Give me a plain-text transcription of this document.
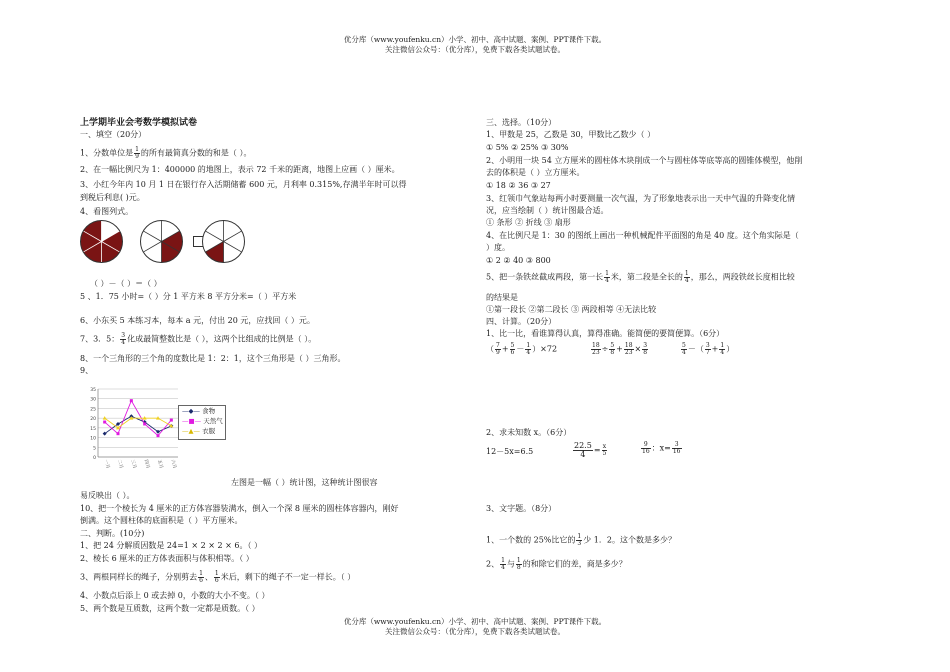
优分库（www.youfenku.cn）小学、初中、高中试题、案例、PPT课件下载。
关注微信公众号：（优分库），免费下载各类试题试卷。
上学期毕业会考数学模拟试卷
一、填空（20分）
1、分数单位是 $\frac{1}{9}$ 的所有最简真分数的和是（ ）。
2、在一幅比例尺为 1：400000 的地图上，表示 72 千米的距离，地图上应画（ ）厘米。
3、小红今年内 10 月 1 日在银行存入活期储蓄 600 元，月利率 0.315%,存满半年时可以得
到税后利息( )元。
4、看图列式。
（ ）－（ ）＝（ ）
5 、1．75 小时=（ ）分 1 平方米 8 平方分米=（ ）平方米
6、小东买 5 本练习本，每本 a 元，付出 20 元，应找回（ ）元。
7、3．5： $\frac{3}{4}$ 化成最简整数比是（ ），这两个比组成的比例是（ ）。
8、一个三角形的三个角的度数比是 1：2：1，这个三角形是（ ）三角形。
9、
0
5
10
15
20
25
30
35
一月	二月	三月	四月	五月	六月
—◆— 食物
—■— 天然气
—▲— 衣服
左图是一幅（ ）统计图，这种统计图很容
易反映出（ ）。
10、把一个棱长为 4 厘米的正方体容器装满水，倒入一个深 8 厘米的圆柱体容器内，刚好
倒满。这个圆柱体的底面积是（ ）平方厘米。
二、判断。(10分)
1、把 24 分解质因数是 24=1 × 2 × 2 × 6。（ ）
2、棱长 6 厘米的正方体表面积与体积相等。（ ）
3、两根同样长的绳子，分别剪去 $\frac{1}{6}$ 、 $\frac{1}{6}$ 米后，剩下的绳子不一定一样长。（ ）
4、小数点后添上 0 或去掉 0，小数的大小不变。（ ）
5、两个数是互质数，这两个数一定都是质数。（ ）
三、选择。（10分）
1、甲数是 25，乙数是 30，甲数比乙数少（ ）
① 5% ② 25% ③ 30%
2、小明用一块 54 立方厘米的圆柱体木块削成一个与圆柱体等底等高的圆锥体模型，他削
去的体积是（ ）立方厘米。
① 18 ② 36 ③ 27
3、红领巾气象站每两小时要测量一次气温，为了形象地表示出一天中气温的升降变化情
况，应当绘制（ ）统计图最合适。
① 条形 ② 折线 ③ 扇形
4、在比例尺是 1：30 的图纸上画出一种机械配件平面图的角是 40 度。这个角实际是（
）度。
① 2 ② 40 ③ 800
5、把一条铁丝截成两段，第一长 $\frac{1}{4}$ 米，第二段是全长的 $\frac{1}{4}$ ，那么，两段铁丝长度相比较
的结果是
①第一段长 ②第二段长 ③ 两段相等 ④无法比较
四、计算。（20分）
1、比一比，看谁算得认真，算得准确。能简便的要简便算。（6分）
（ $\frac{7}{9} + \frac{5}{6} - \frac{1}{4} )\times 72$	$\frac{18}{23} \div \frac{5}{8} + \frac{18}{23} \times \frac{3}{8}$	$\frac{5}{4}$ －（ $\frac{3}{7} + \frac{1}{4}$ ）
2、求未知数 x。（6分）
12－5x=6.5	$\frac{22.5}{4} = \frac{x}{5}$	$\frac{9}{16}$ ：$x= \frac{3}{16}$
3、文字题。（8分）
1、一个数的 25%比它的 $\frac{1}{3}$ 少 1．2。这个数是多少？
2、 $\frac{1}{4}$ 与 $\frac{1}{8}$ 的和除它们的差，商是多少？
优分库（www.youfenku.cn）小学、初中、高中试题、案例、PPT课件下载。
关注微信公众号：（优分库），免费下载各类试题试卷。
